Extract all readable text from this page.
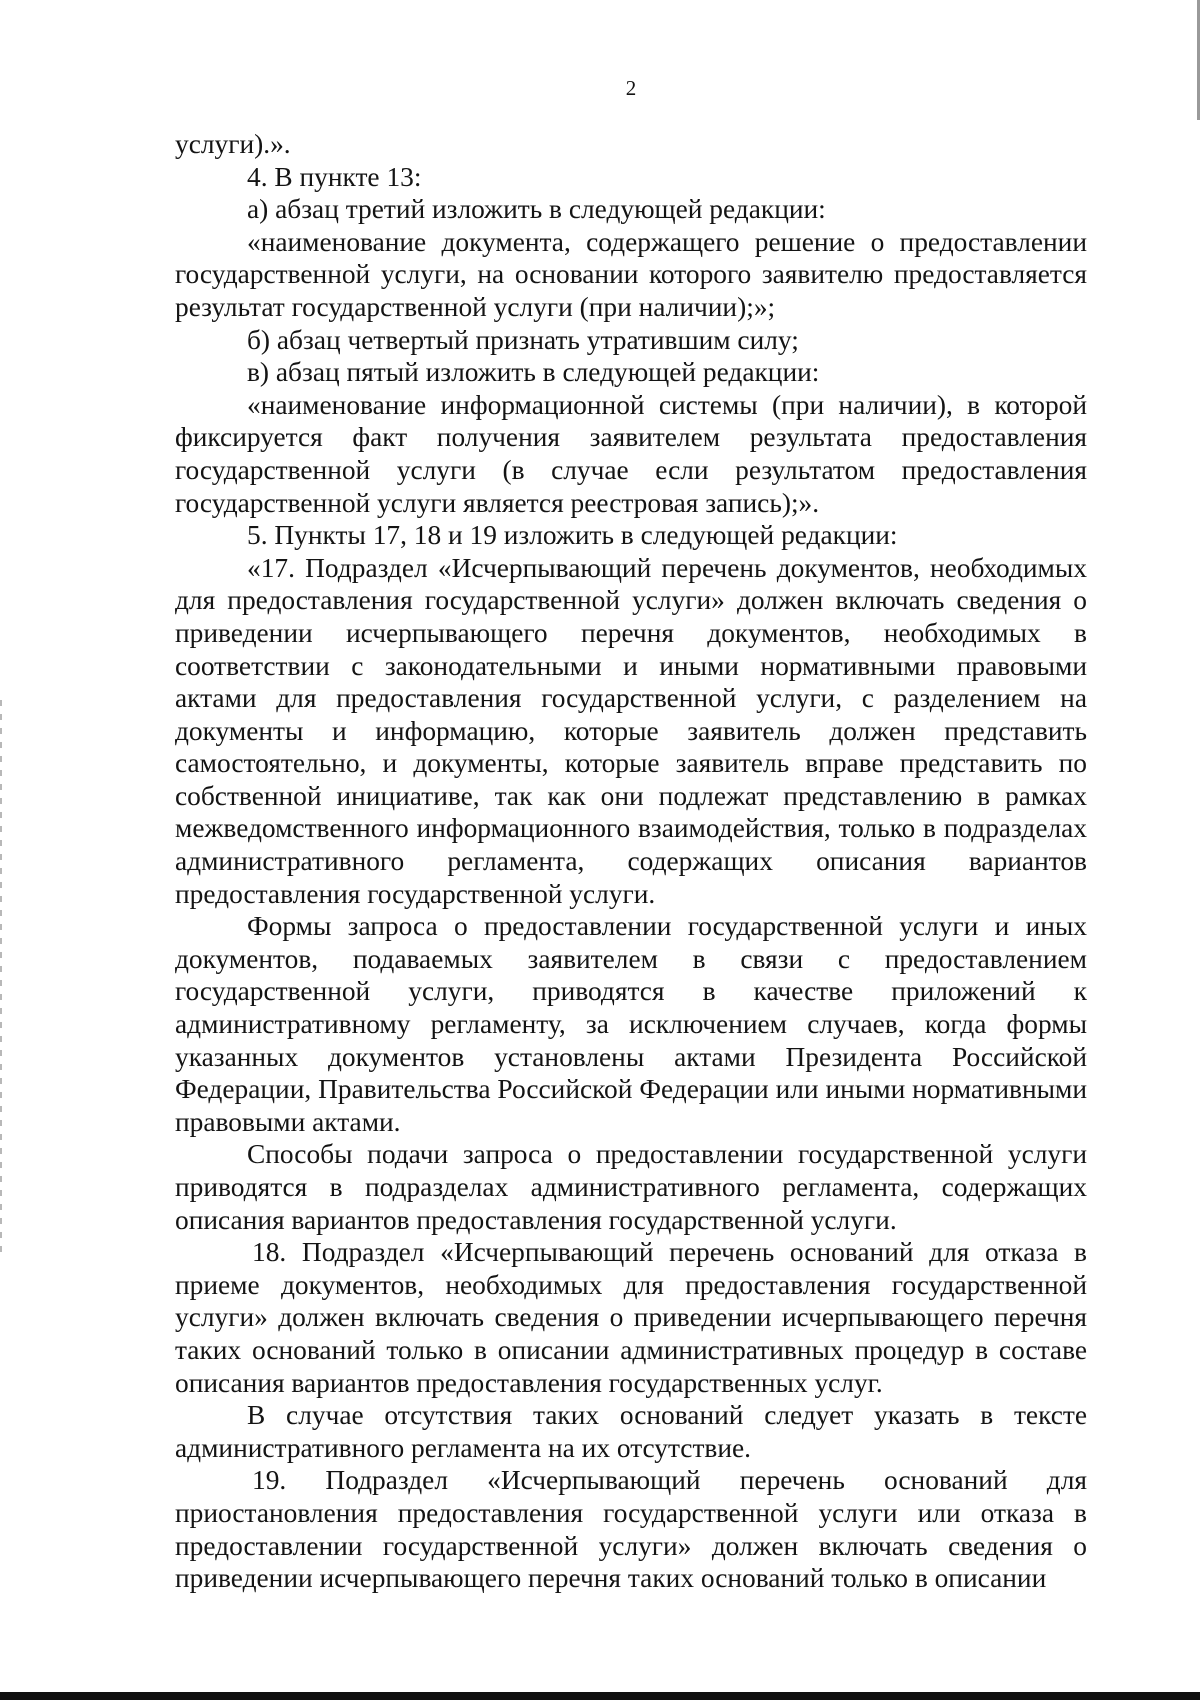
2

услуги).».

4. В пункте 13:

а) абзац третий изложить в следующей редакции:

«наименование документа, содержащего решение о предоставлении государственной услуги, на основании которого заявителю предоставляется результат государственной услуги (при наличии);»;

б) абзац четвертый признать утратившим силу;

в) абзац пятый изложить в следующей редакции:

«наименование информационной системы (при наличии), в которой фиксируется факт получения заявителем результата предоставления государственной услуги (в случае если результатом предоставления государственной услуги является реестровая запись);».

5. Пункты 17, 18 и 19 изложить в следующей редакции:

«17. Подраздел «Исчерпывающий перечень документов, необходимых для предоставления государственной услуги» должен включать сведения о приведении исчерпывающего перечня документов, необходимых в соответствии с законодательными и иными нормативными правовыми актами для предоставления государственной услуги, с разделением на документы и информацию, которые заявитель должен представить самостоятельно, и документы, которые заявитель вправе представить по собственной инициативе, так как они подлежат представлению в рамках межведомственного информационного взаимодействия, только в подразделах административного регламента, содержащих описания вариантов предоставления государственной услуги.

Формы запроса о предоставлении государственной услуги и иных документов, подаваемых заявителем в связи с предоставлением государственной услуги, приводятся в качестве приложений к административному регламенту, за исключением случаев, когда формы указанных документов установлены актами Президента Российской Федерации, Правительства Российской Федерации или иными нормативными правовыми актами.

Способы подачи запроса о предоставлении государственной услуги приводятся в подразделах административного регламента, содержащих описания вариантов предоставления государственной услуги.

18. Подраздел «Исчерпывающий перечень оснований для отказа в приеме документов, необходимых для предоставления государственной услуги» должен включать сведения о приведении исчерпывающего перечня таких оснований только в описании административных процедур в составе описания вариантов предоставления государственных услуг.

В случае отсутствия таких оснований следует указать в тексте административного регламента на их отсутствие.

19. Подраздел «Исчерпывающий перечень оснований для приостановления предоставления государственной услуги или отказа в предоставлении государственной услуги» должен включать сведения о приведении исчерпывающего перечня таких оснований только в описании
